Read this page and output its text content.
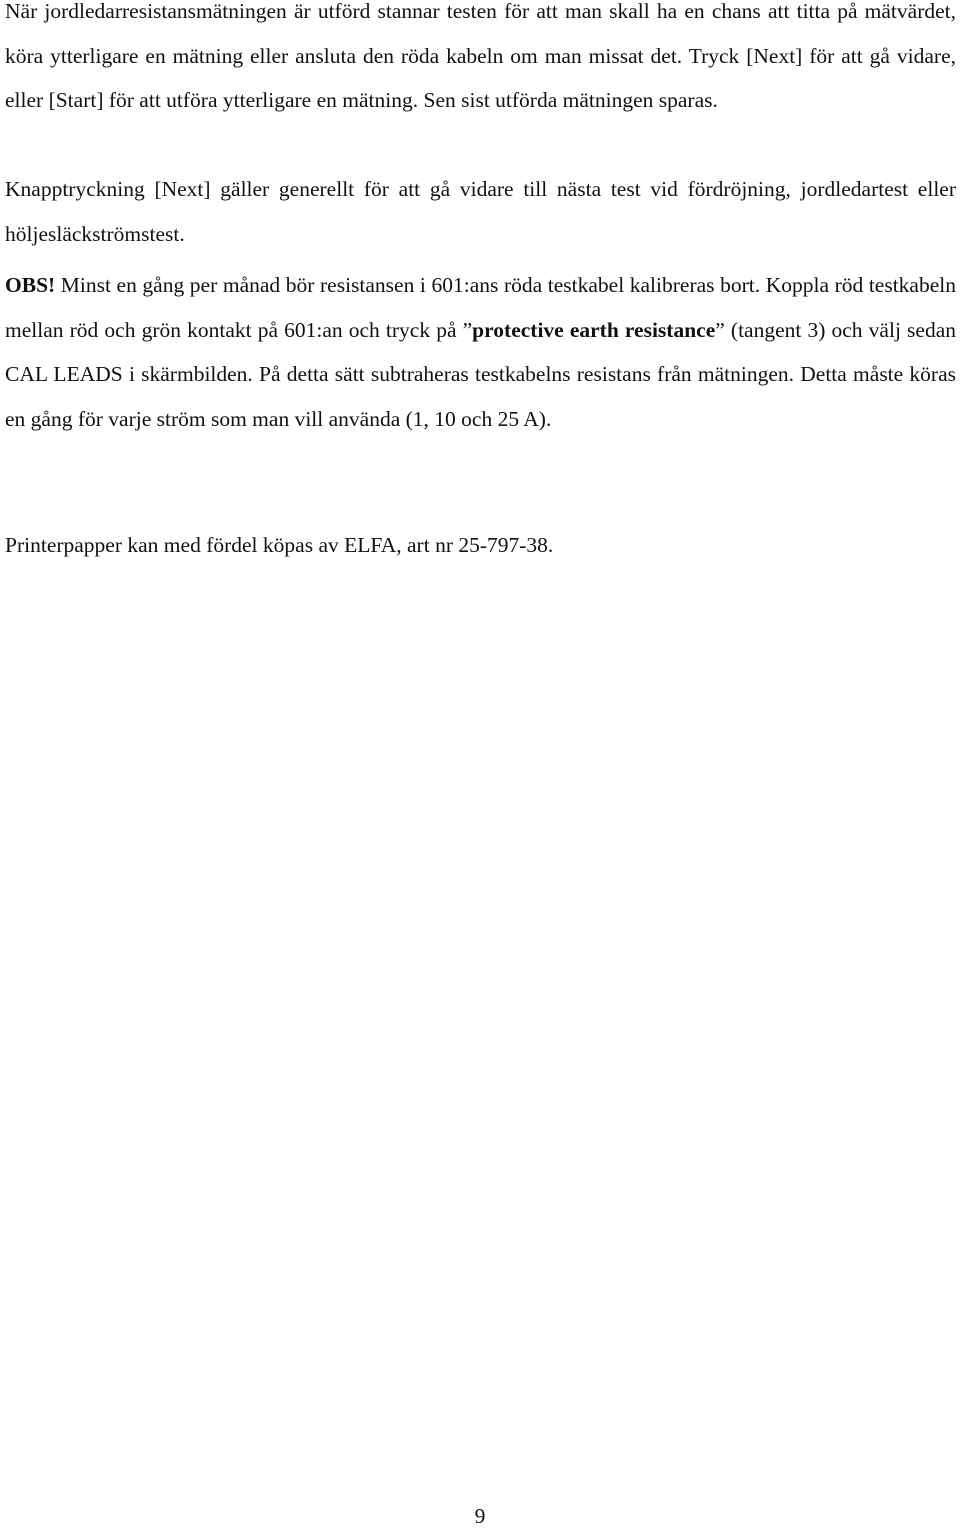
När jordledarresistansmätningen är utförd stannar testen för att man skall ha en chans att titta på mätvärdet, köra ytterligare en mätning eller ansluta den röda kabeln om man missat det. Tryck [Next] för att gå vidare, eller [Start] för att utföra ytterligare en mätning. Sen sist utförda mätningen sparas.

Knapptryckning [Next] gäller generellt för att gå vidare till nästa test vid fördröjning, jordledartest eller höljesläckströmstest.

OBS! Minst en gång per månad bör resistansen i 601:ans röda testkabel kalibreras bort. Koppla röd testkabeln mellan röd och grön kontakt på 601:an och tryck på ”protective earth resistance” (tangent 3) och välj sedan CAL LEADS i skärmbilden. På detta sätt subtraheras testkabelns resistans från mätningen. Detta måste köras en gång för varje ström som man vill använda (1, 10 och 25 A).

Printerpapper kan med fördel köpas av ELFA, art nr 25-797-38.

9
